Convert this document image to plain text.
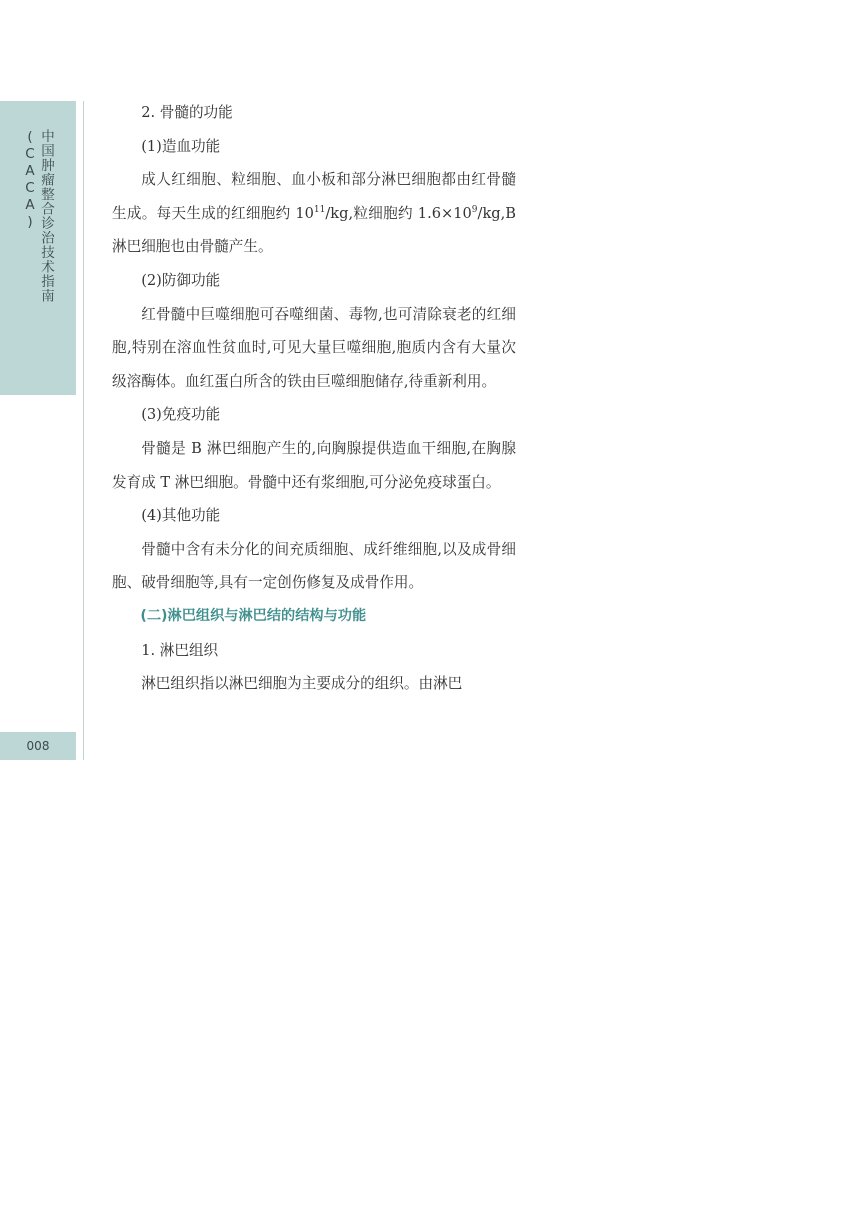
中国肿瘤整合诊治技术指南(CACA)
008

2. 骨髓的功能

(1)造血功能

成人红细胞、粒细胞、血小板和部分淋巴细胞都由红骨髓生成。每天生成的红细胞约 $10^{11}/kg$,粒细胞约 $1.6\times 10^9/kg,B$ 淋巴细胞也由骨髓产生。

(2)防御功能

红骨髓中巨噬细胞可吞噬细菌、毒物,也可清除衰老的红细胞,特别在溶血性贫血时,可见大量巨噬细胞,胞质内含有大量次级溶酶体。血红蛋白所含的铁由巨噬细胞储存,待重新利用。

(3)免疫功能

骨髓是 B 淋巴细胞产生的,向胸腺提供造血干细胞,在胸腺发育成 T 淋巴细胞。骨髓中还有浆细胞,可分泌免疫球蛋白。

(4)其他功能

骨髓中含有未分化的间充质细胞、成纤维细胞,以及成骨细胞、破骨细胞等,具有一定创伤修复及成骨作用。

(二)淋巴组织与淋巴结的结构与功能

1. 淋巴组织

淋巴组织指以淋巴细胞为主要成分的组织。由淋巴
